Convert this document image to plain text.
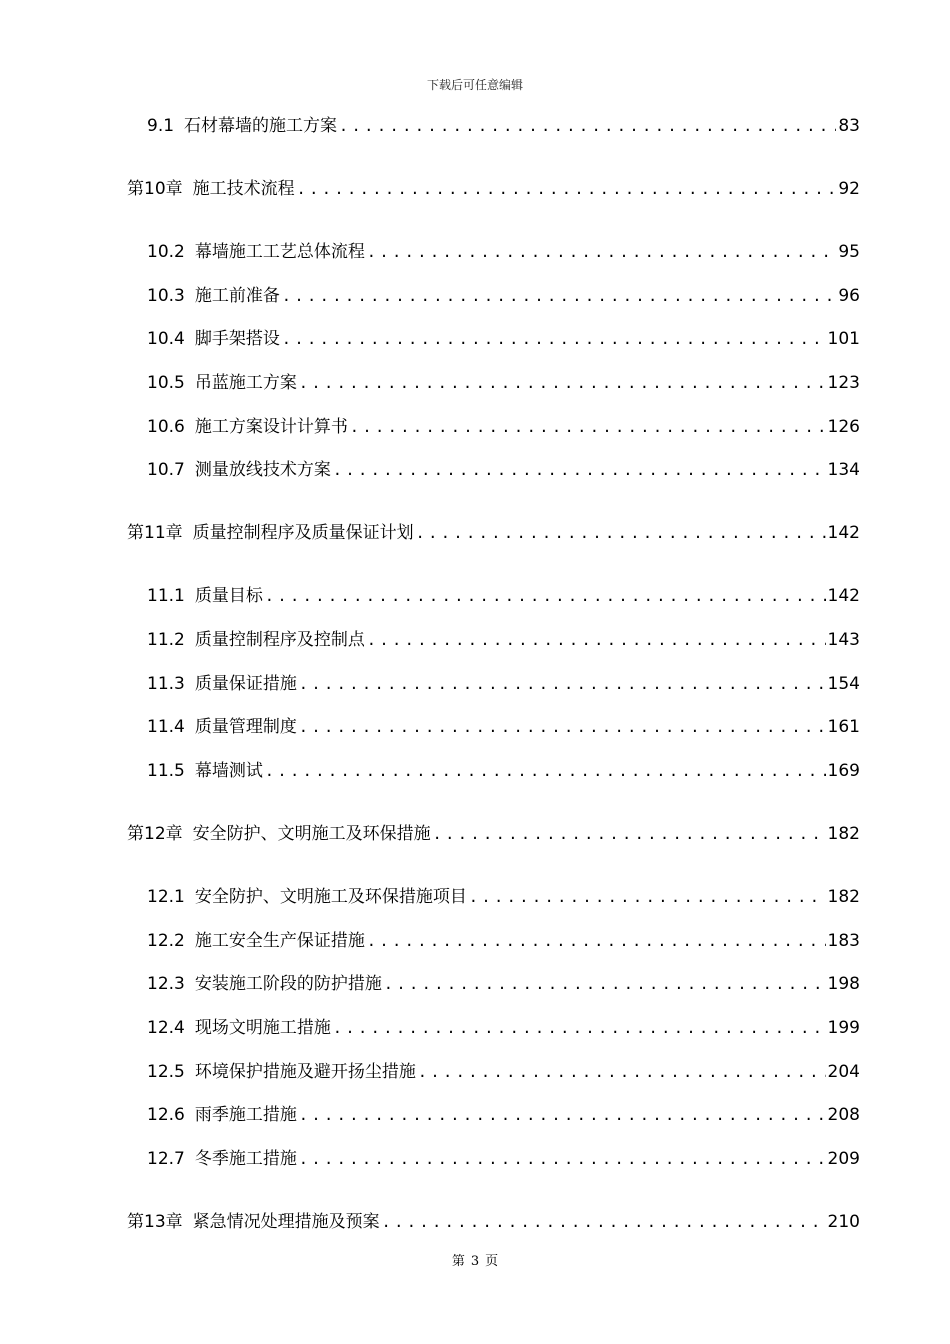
下载后可任意编辑
9.1 石材幕墙的施工方案 .....	83
第10章 施工技术流程 .....	92
10.2 幕墙施工工艺总体流程 .....	95
10.3 施工前准备 .....	96
10.4 脚手架搭设 .....	101
10.5 吊蓝施工方案 .....	123
10.6 施工方案设计计算书 .....	126
10.7 测量放线技术方案 .....	134
第11章 质量控制程序及质量保证计划 .....	142
11.1 质量目标 .....	142
11.2 质量控制程序及控制点 .....	143
11.3 质量保证措施 .....	154
11.4 质量管理制度 .....	161
11.5 幕墙测试 .....	169
第12章 安全防护、文明施工及环保措施 .....	182
12.1 安全防护、文明施工及环保措施项目 .....	182
12.2 施工安全生产保证措施 .....	183
12.3 安装施工阶段的防护措施 .....	198
12.4 现场文明施工措施 .....	199
12.5 环境保护措施及避开扬尘措施 .....	204
12.6 雨季施工措施 .....	208
12.7 冬季施工措施 .....	209
第13章 紧急情况处理措施及预案 .....	210
第 3 页
